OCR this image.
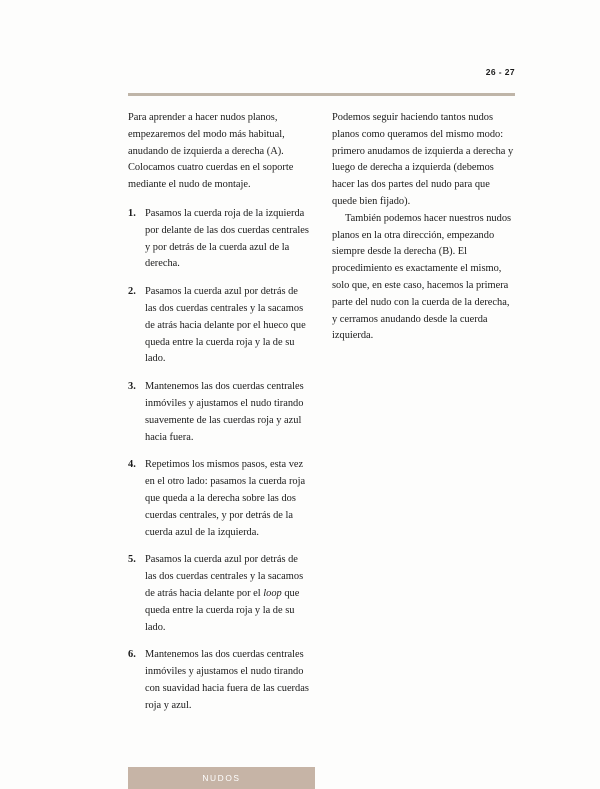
26 - 27

Para aprender a hacer nudos planos, empezaremos del modo más habitual, anudando de izquierda a derecha (A). Colocamos cuatro cuerdas en el soporte mediante el nudo de montaje.

1. Pasamos la cuerda roja de la izquierda por delante de las dos cuerdas centrales y por detrás de la cuerda azul de la derecha.
2. Pasamos la cuerda azul por detrás de las dos cuerdas centrales y la sacamos de atrás hacia delante por el hueco que queda entre la cuerda roja y la de su lado.
3. Mantenemos las dos cuerdas centrales inmóviles y ajustamos el nudo tirando suavemente de las cuerdas roja y azul hacia fuera.
4. Repetimos los mismos pasos, esta vez en el otro lado: pasamos la cuerda roja que queda a la derecha sobre las dos cuerdas centrales, y por detrás de la cuerda azul de la izquierda.
5. Pasamos la cuerda azul por detrás de las dos cuerdas centrales y la sacamos de atrás hacia delante por el loop que queda entre la cuerda roja y la de su lado.
6. Mantenemos las dos cuerdas centrales inmóviles y ajustamos el nudo tirando con suavidad hacia fuera de las cuerdas roja y azul.

Podemos seguir haciendo tantos nudos planos como queramos del mismo modo: primero anudamos de izquierda a derecha y luego de derecha a izquierda (debemos hacer las dos partes del nudo para que quede bien fijado).

También podemos hacer nuestros nudos planos en la otra dirección, empezando siempre desde la derecha (B). El procedimiento es exactamente el mismo, solo que, en este caso, hacemos la primera parte del nudo con la cuerda de la derecha, y cerramos anudando desde la cuerda izquierda.

NUDOS
